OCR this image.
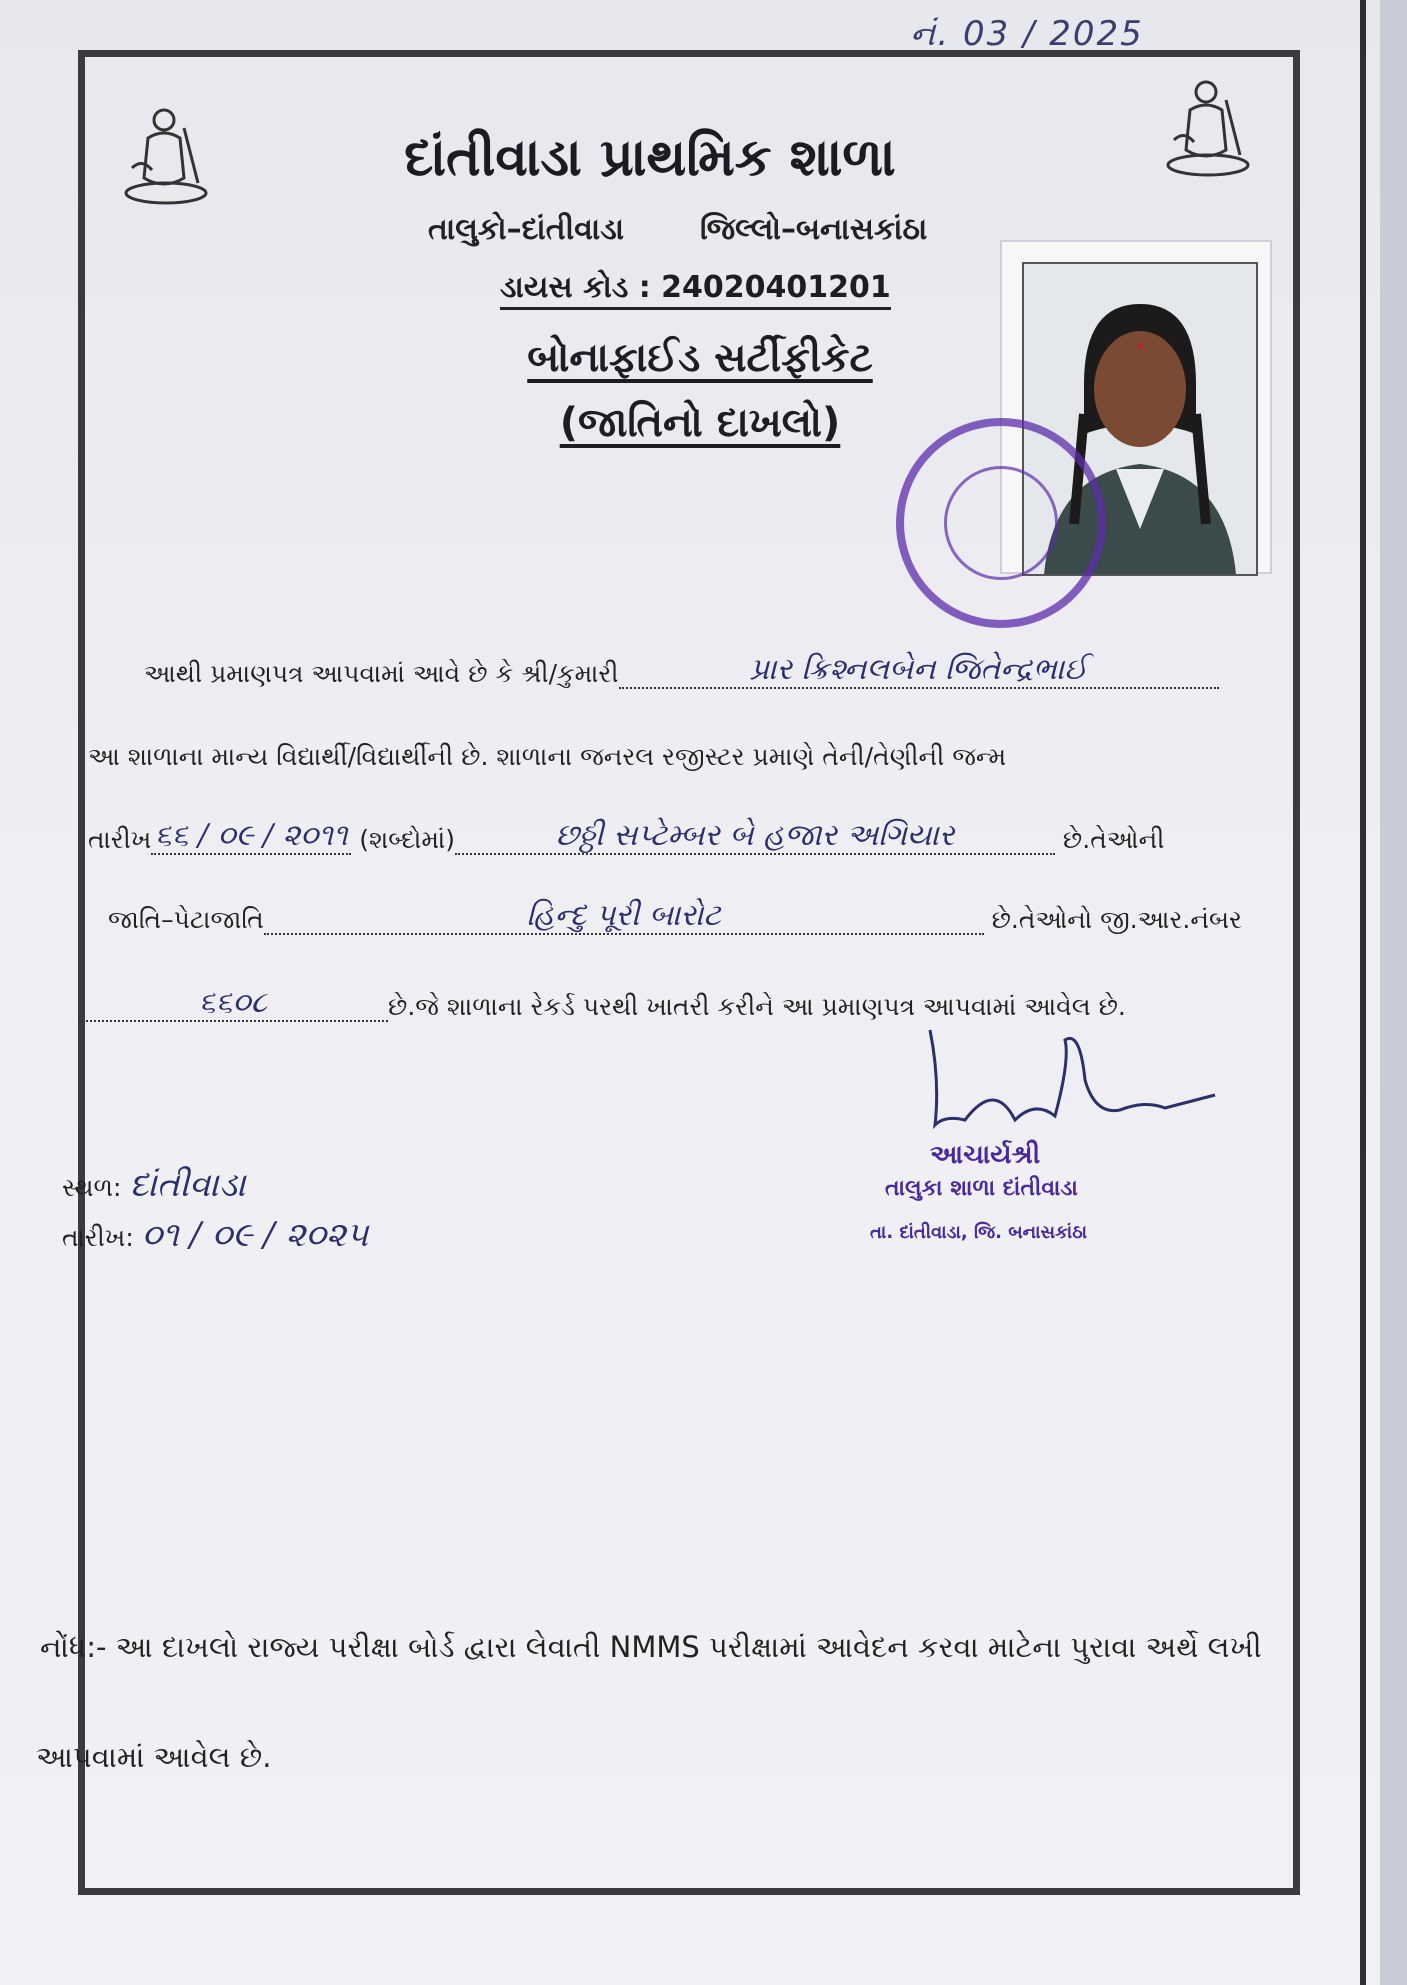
નં. 03 / 2025
દાંતીવાડા પ્રાથમિક શાળા
તાલુકો–દાંતીવાડા	જિલ્લો–બનાસકાંઠા
ડાયસ કોડ : 24020401201
બોનાફાઈડ સર્ટીફીકેટ
(જાતિનો દાખલો)
આથી પ્રમાણપત્ર આપવામાં આવે છે કે શ્રી/કુમારી	પ્રાર ક્રિશ્નલબેન જિતેન્દ્રભાઈ
આ શાળાના માન્ય વિદ્યાર્થી/વિદ્યાર્થીની છે. શાળાના જનરલ રજીસ્ટર પ્રમાણે તેની/તેણીની જન્મ
તારીખ ૬૬ / ૦૯ / ૨૦૧૧ (શબ્દોમાં)	છઠ્ઠી સપ્ટેમ્બર બે હજાર અગિયાર	છે.તેઓની
જાતિ–પેટાજાતિ	હિન્દુ પૂરી બારોટ	છે.તેઓનો જી.આર.નંબર
૬૬૦૮	છે.જે શાળાના રેકર્ડ પરથી ખાતરી કરીને આ પ્રમાણપત્ર આપવામાં આવેલ છે.
આચાર્યશ્રી
તાલુકા શાળા દાંતીવાડા
તા. દાંતીવાડા, જિ. બનાસકાંઠા
સ્થળ: દાંતીવાડા
તારીખ: ૦૧ / ૦૯ / ૨૦૨૫
નોંધ:- આ દાખલો રાજ્ય પરીક્ષા બોર્ડ દ્વારા લેવાતી NMMS પરીક્ષામાં આવેદન કરવા માટેના પુરાવા અર્થે લખી
આપવામાં આવેલ છે.
